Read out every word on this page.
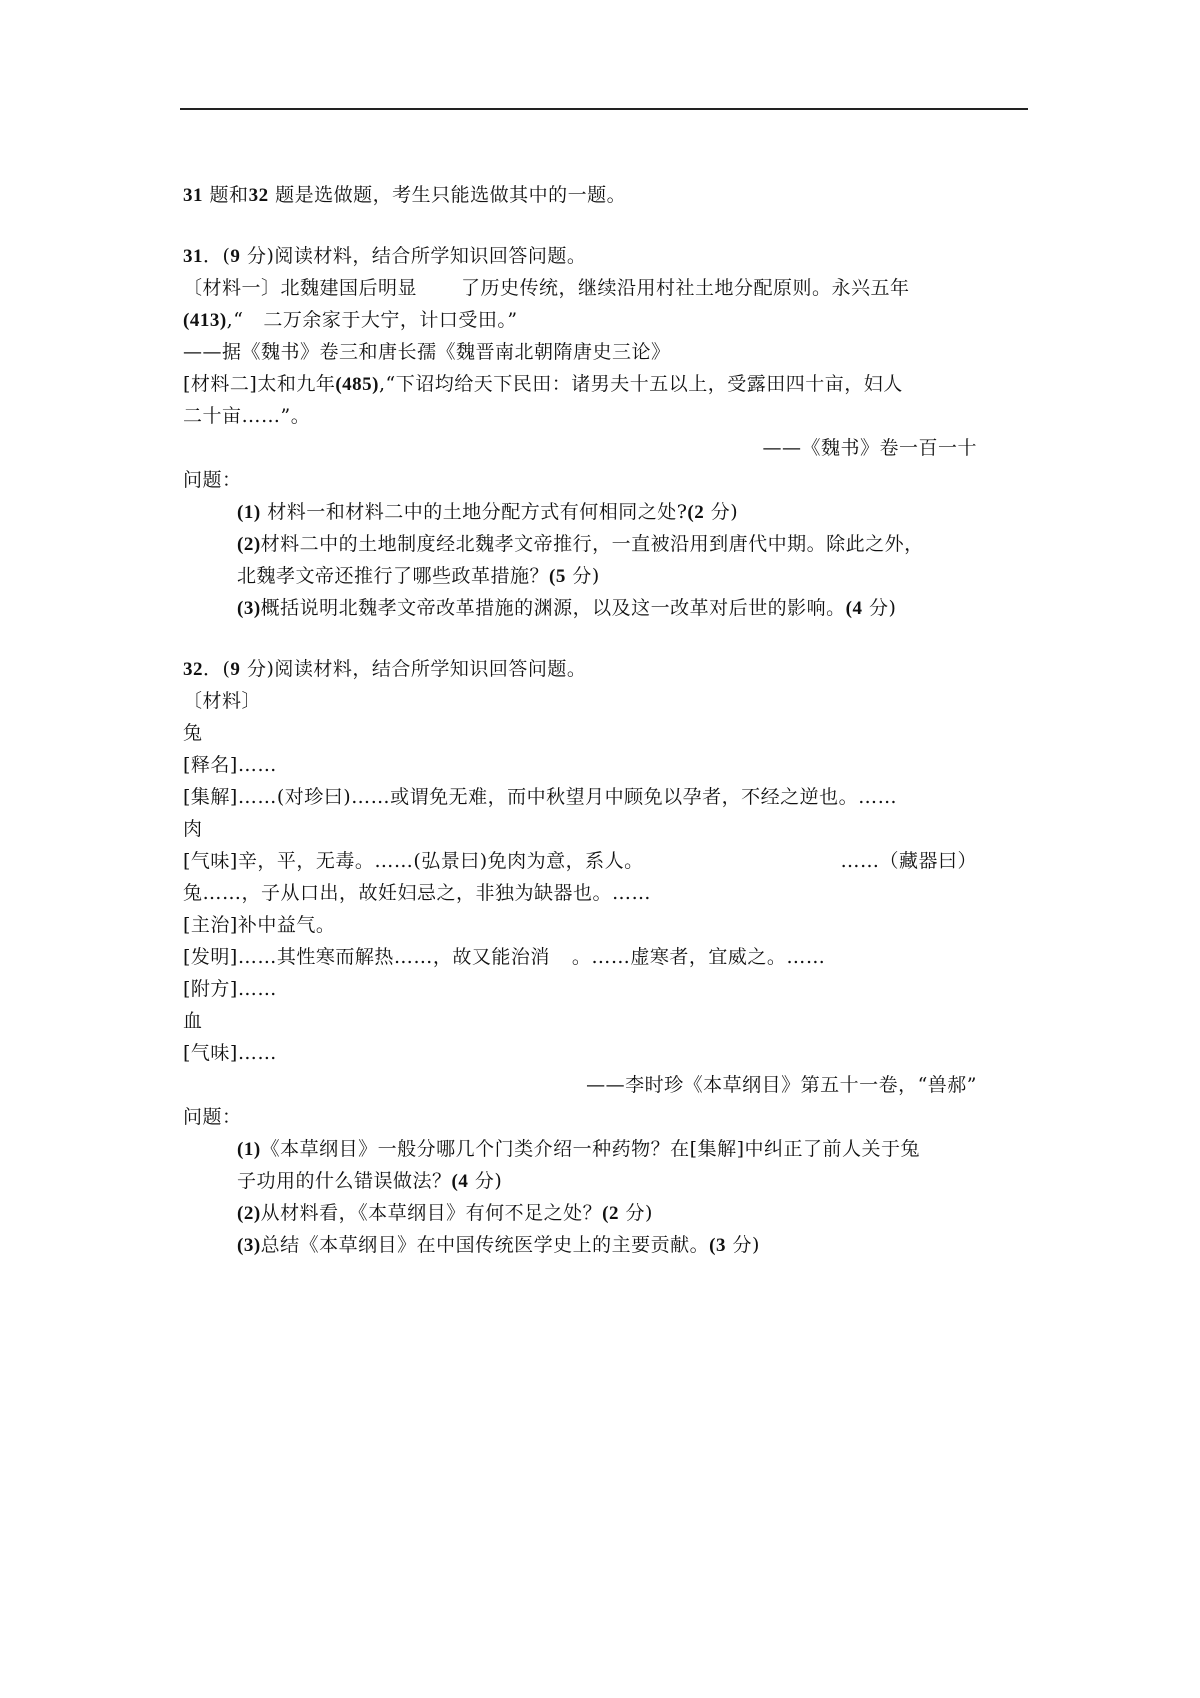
31 题和32 题是选做题，考生只能选做其中的一题。
31．(9 分)阅读材料，结合所学知识回答问题。
〔材料一〕北魏建国后明显 了历史传统，继续沿用村社土地分配原则。永兴五年
(413),“ 二万余家于大宁，计口受田。”
——据《魏书》卷三和唐长孺《魏晋南北朝隋唐史三论》
[材料二]太和九年(485),“下诏均给天下民田：诸男夫十五以上，受露田四十亩，妇人
二十亩……”。
——《魏书》卷一百一十
问题：
(1) 材料一和材料二中的土地分配方式有何相同之处?(2 分)
(2)材料二中的土地制度经北魏孝文帝推行，一直被沿用到唐代中期。除此之外，
北魏孝文帝还推行了哪些政革措施？(5 分)
(3)概括说明北魏孝文帝改革措施的渊源，以及这一改革对后世的影响。(4 分)
32．(9 分)阅读材料，结合所学知识回答问题。
〔材料〕
兔
[释名]……
[集解]……(对珍曰)……或谓免无难，而中秋望月中顾免以孕者，不经之逆也。……
肉
[气味]辛，平，无毒。……(弘景曰)免肉为意，系人。	……（藏器曰）
兔……，子从口出，故妊妇忌之，非独为缺器也。……
[主治]补中益气。
[发明]……其性寒而解热……，故又能治消 。……虚寒者，宜威之。……
[附方]……
血
[气味]……
——李时珍《本草纲目》第五十一卷，“兽郝”
问题：
(1)《本草纲目》一般分哪几个门类介绍一种药物？在[集解]中纠正了前人关于兔
子功用的什么错误做法？(4 分)
(2)从材料看，《本草纲目》有何不足之处？(2 分)
(3)总结《本草纲目》在中国传统医学史上的主要贡献。(3 分)
